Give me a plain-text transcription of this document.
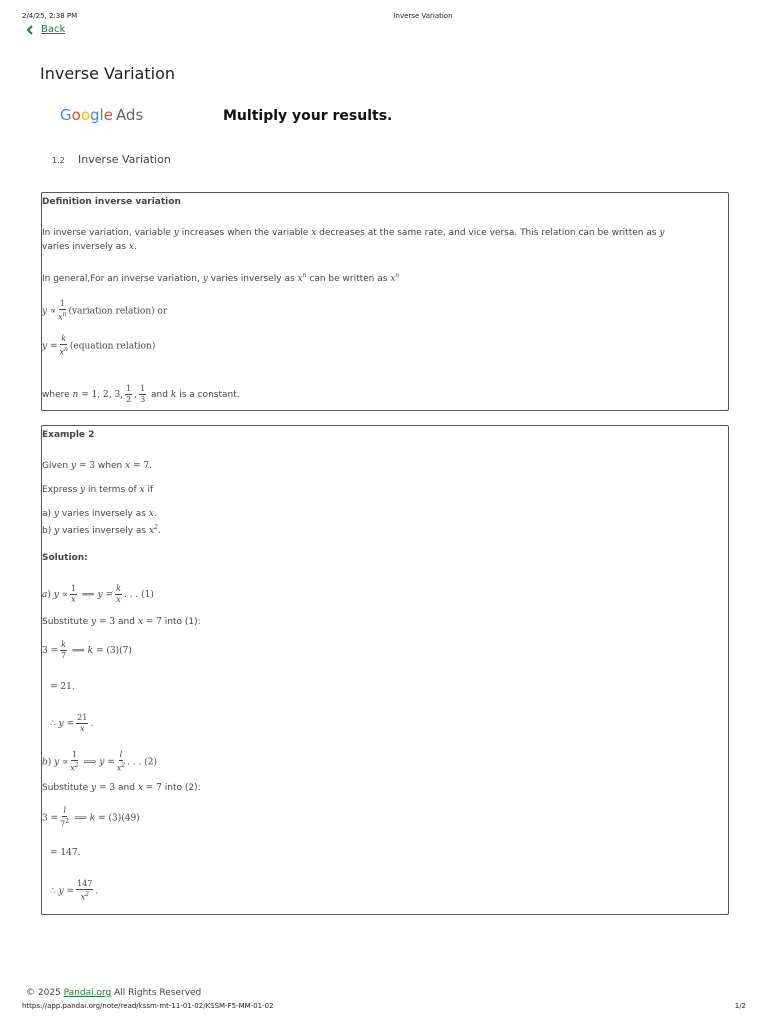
2/4/25, 2:38 PM	Inverse Variation
Back
Inverse Variation
Google Ads	Multiply your results.
1.2	Inverse Variation
Definition inverse variation
In inverse variation, variable y increases when the variable x decreases at the same rate, and vice versa. This relation can be written as y
varies inversely as x.
In general,For an inverse variation, y varies inversely as $x^n$ can be written as $x^n$
$y \propto \frac{1}{x^n}$ (variation relation) or
$y = \frac{k}{x^n}$ (equation relation)
where n = 1, 2, 3, $\frac{1}{2}$ , $\frac{1}{3}$ and k is a constant.
Example 2
Given y = 3 when x = 7.
Express y in terms of x if
a) y varies inversely as x.
b) y varies inversely as $x^2$.
Solution:
a) $y \propto \frac{1}{x}$ ⟹ $y = \frac{k}{x}$ . . . (1)
Substitute y = 3 and x = 7 into (1):
$3 = \frac{k}{7}$ ⟹ k = (3)(7)
= 21.
∴ $y = \frac{21}{x}$ .
b) $y \propto \frac{1}{x^2}$ ⟹ $y = \frac{l}{x^2}$ . . . (2)
Substitute y = 3 and x = 7 into (2):
$3 = \frac{l}{7^2}$ ⟹ k = (3)(49)
= 147.
∴ $y = \frac{147}{x^2}$ .
© 2025 Pandai.org All Rights Reserved
https://app.pandai.org/note/read/kssm-mt-11-01-02/KSSM-F5-MM-01-02	1/2
